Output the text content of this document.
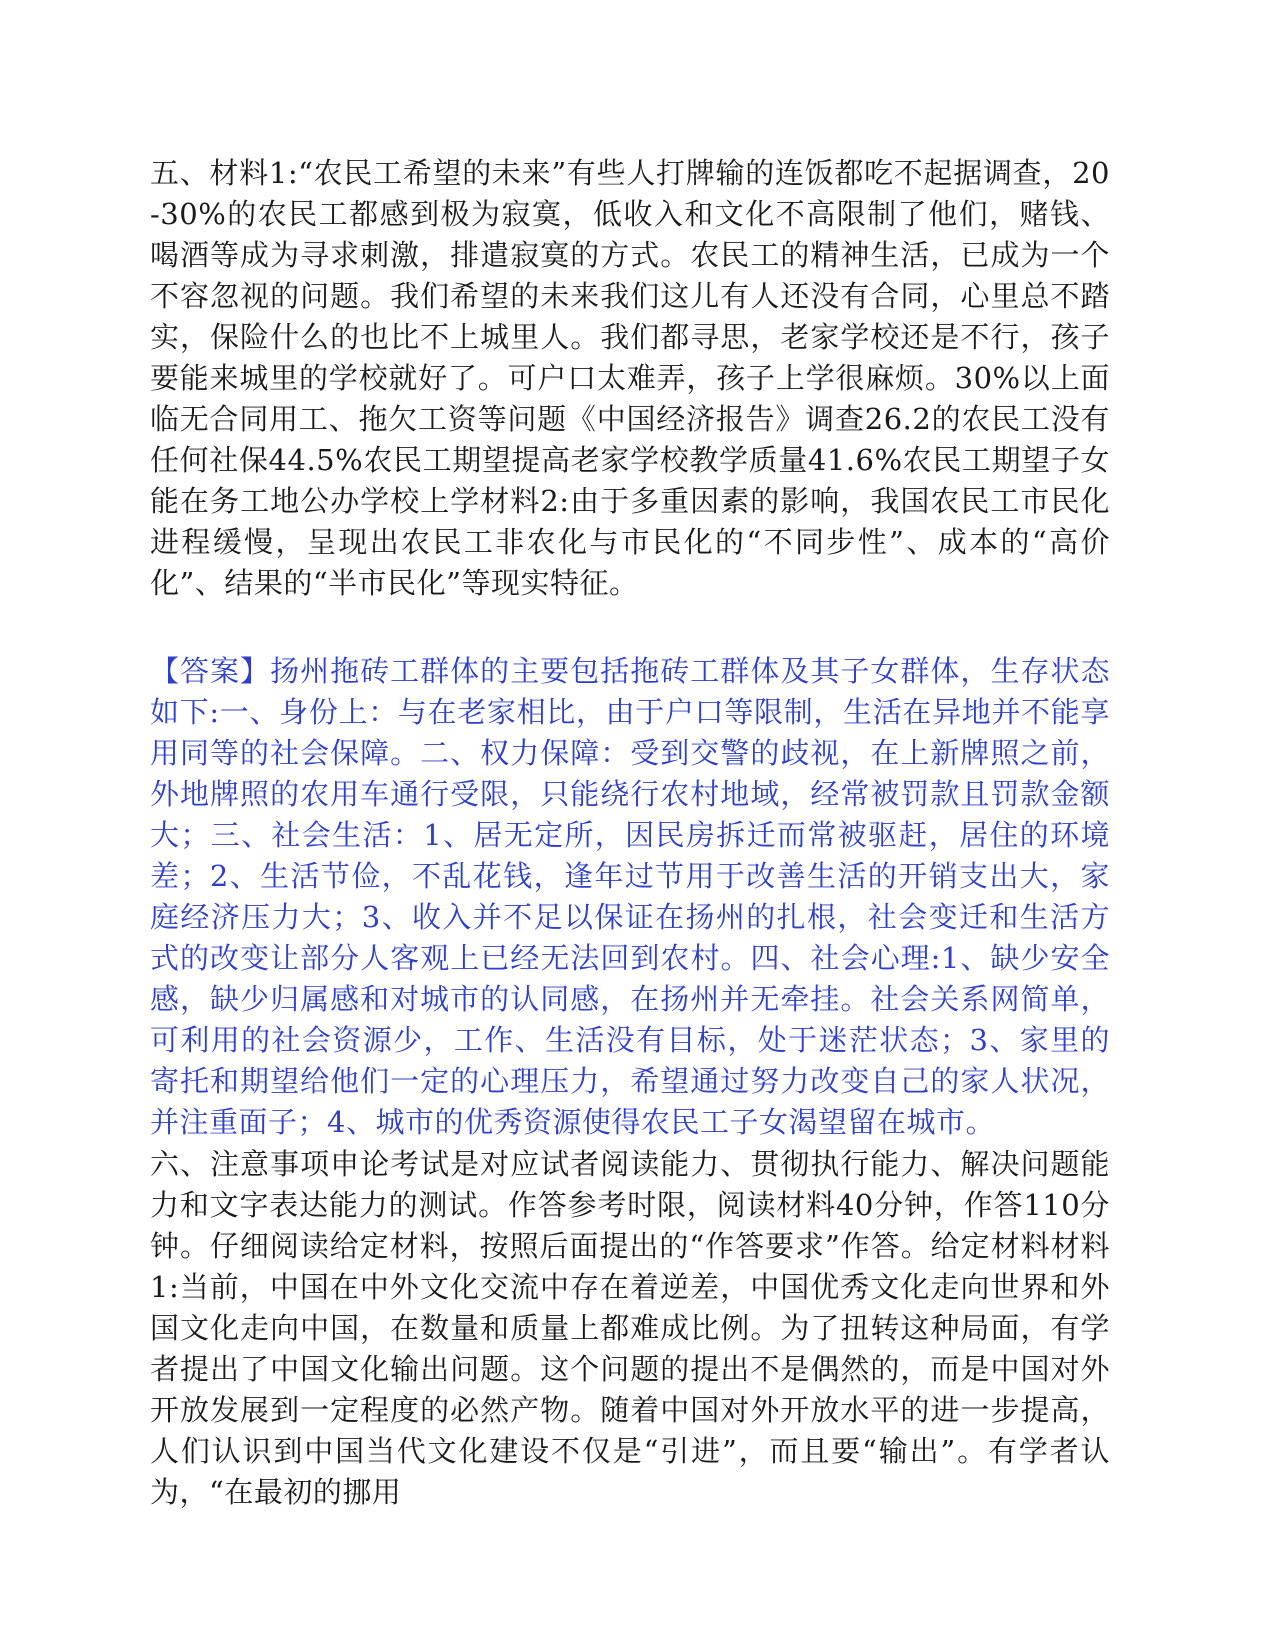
五、材料1:“农民工希望的未来”有些人打牌输的连饭都吃不起据调查，20-30%的农民工都感到极为寂寞，低收入和文化不高限制了他们，赌钱、喝酒等成为寻求刺激，排遣寂寞的方式。农民工的精神生活，已成为一个不容忽视的问题。我们希望的未来我们这儿有人还没有合同，心里总不踏实，保险什么的也比不上城里人。我们都寻思，老家学校还是不行，孩子要能来城里的学校就好了。可户口太难弄，孩子上学很麻烦。30%以上面临无合同用工、拖欠工资等问题《中国经济报告》调查26.2的农民工没有任何社保44.5%农民工期望提高老家学校教学质量41.6%农民工期望子女能在务工地公办学校上学材料2:由于多重因素的影响，我国农民工市民化进程缓慢，呈现出农民工非农化与市民化的“不同步性”、成本的“高价化”、结果的“半市民化”等现实特征。

【答案】扬州拖砖工群体的主要包括拖砖工群体及其子女群体，生存状态如下:一、身份上：与在老家相比，由于户口等限制，生活在异地并不能享用同等的社会保障。二、权力保障：受到交警的歧视，在上新牌照之前，外地牌照的农用车通行受限，只能绕行农村地域，经常被罚款且罚款金额大；三、社会生活：1、居无定所，因民房拆迁而常被驱赶，居住的环境差；2、生活节俭，不乱花钱，逢年过节用于改善生活的开销支出大，家庭经济压力大；3、收入并不足以保证在扬州的扎根，社会变迁和生活方式的改变让部分人客观上已经无法回到农村。四、社会心理:1、缺少安全感，缺少归属感和对城市的认同感，在扬州并无牵挂。社会关系网简单，可利用的社会资源少，工作、生活没有目标，处于迷茫状态；3、家里的寄托和期望给他们一定的心理压力，希望通过努力改变自己的家人状况，并注重面子；4、城市的优秀资源使得农民工子女渴望留在城市。

六、注意事项申论考试是对应试者阅读能力、贯彻执行能力、解决问题能力和文字表达能力的测试。作答参考时限，阅读材料40分钟，作答110分钟。仔细阅读给定材料，按照后面提出的“作答要求”作答。给定材料材料1:当前，中国在中外文化交流中存在着逆差，中国优秀文化走向世界和外国文化走向中国，在数量和质量上都难成比例。为了扭转这种局面，有学者提出了中国文化输出问题。这个问题的提出不是偶然的，而是中国对外开放发展到一定程度的必然产物。随着中国对外开放水平的进一步提高，人们认识到中国当代文化建设不仅是“引进”，而且要“输出”。有学者认为，“在最初的挪用
